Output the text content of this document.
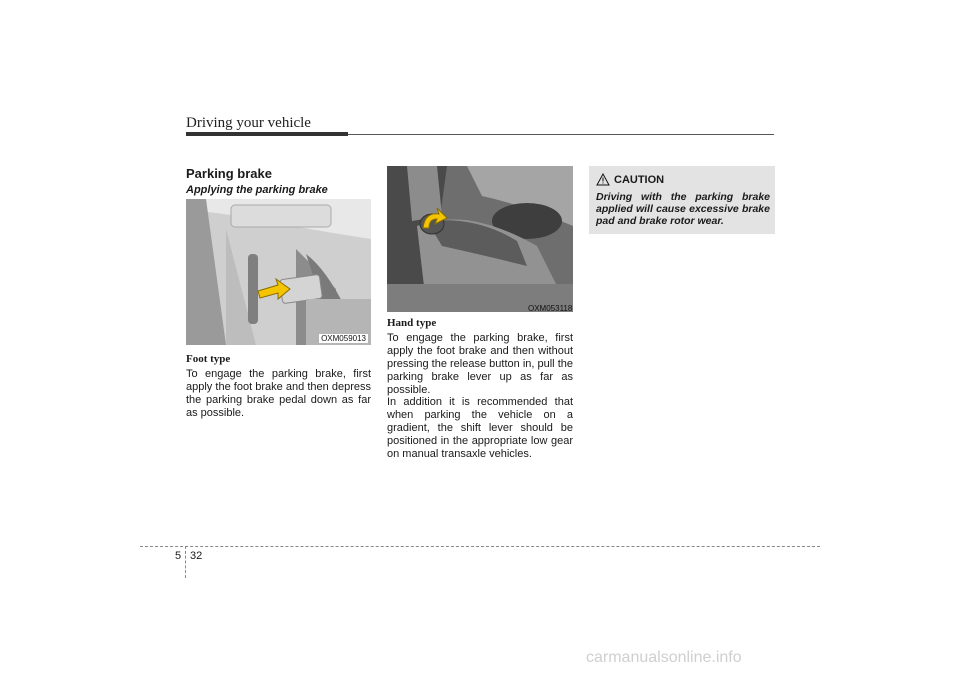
Driving your vehicle
Parking brake
Applying the parking brake
OXM059013
Foot type
To engage the parking brake, first apply the foot brake and then depress the parking brake pedal down as far as possible.
OXM053118
Hand type
To engage the parking brake, first apply the foot brake and then without pressing the release button in, pull the parking brake lever up as far as possible.
In addition it is recommended that when parking the vehicle on a gradient, the shift lever should be positioned in the appropriate low gear on manual transaxle vehicles.
CAUTION
Driving with the parking brake applied will cause excessive brake pad and brake rotor wear.
5 32
carmanualsonline.info
